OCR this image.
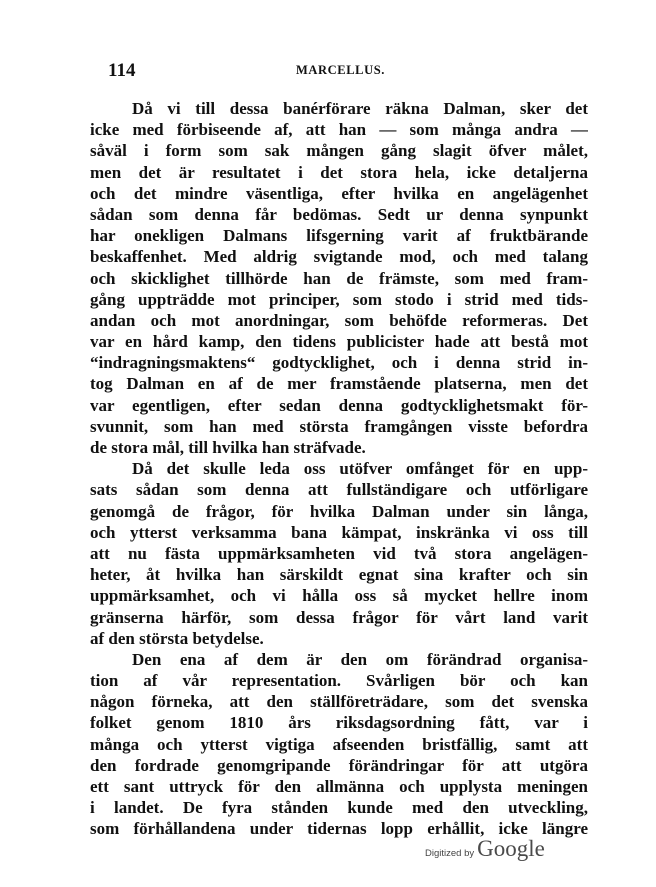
114	MARCELLUS.
Då vi till dessa banérförare räkna Dalman, sker det
icke med förbiseende af, att han — som många andra —
såväl i form som sak mången gång slagit öfver målet,
men det är resultatet i det stora hela, icke detaljerna
och det mindre väsentliga, efter hvilka en angelägenhet
sådan som denna får bedömas. Sedt ur denna synpunkt
har onekligen Dalmans lifsgerning varit af fruktbärande
beskaffenhet. Med aldrig svigtande mod, och med talang
och skicklighet tillhörde han de främste, som med fram-
gång uppträdde mot principer, som stodo i strid med tids-
andan och mot anordningar, som behöfde reformeras. Det
var en hård kamp, den tidens publicister hade att bestå mot
“indragningsmaktens“ godtycklighet, och i denna strid in-
tog Dalman en af de mer framstående platserna, men det
var egentligen, efter sedan denna godtycklighetsmakt för-
svunnit, som han med största framgången visste befordra
de stora mål, till hvilka han sträfvade.
Då det skulle leda oss utöfver omfånget för en upp-
sats sådan som denna att fullständigare och utförligare
genomgå de frågor, för hvilka Dalman under sin långa,
och ytterst verksamma bana kämpat, inskränka vi oss till
att nu fästa uppmärksamheten vid två stora angelägen-
heter, åt hvilka han särskildt egnat sina krafter och sin
uppmärksamhet, och vi hålla oss så mycket hellre inom
gränserna härför, som dessa frågor för vårt land varit
af den största betydelse.
Den ena af dem är den om förändrad organisa-
tion af vår representation. Svårligen bör och kan
någon förneka, att den ställföreträdare, som det svenska
folket genom 1810 års riksdagsordning fått, var i
många och ytterst vigtiga afseenden bristfällig, samt att
den fordrade genomgripande förändringar för att utgöra
ett sant uttryck för den allmänna och upplysta meningen
i landet. De fyra stånden kunde med den utveckling,
som förhållandena under tidernas lopp erhållit, icke längre
Digitized by Google
